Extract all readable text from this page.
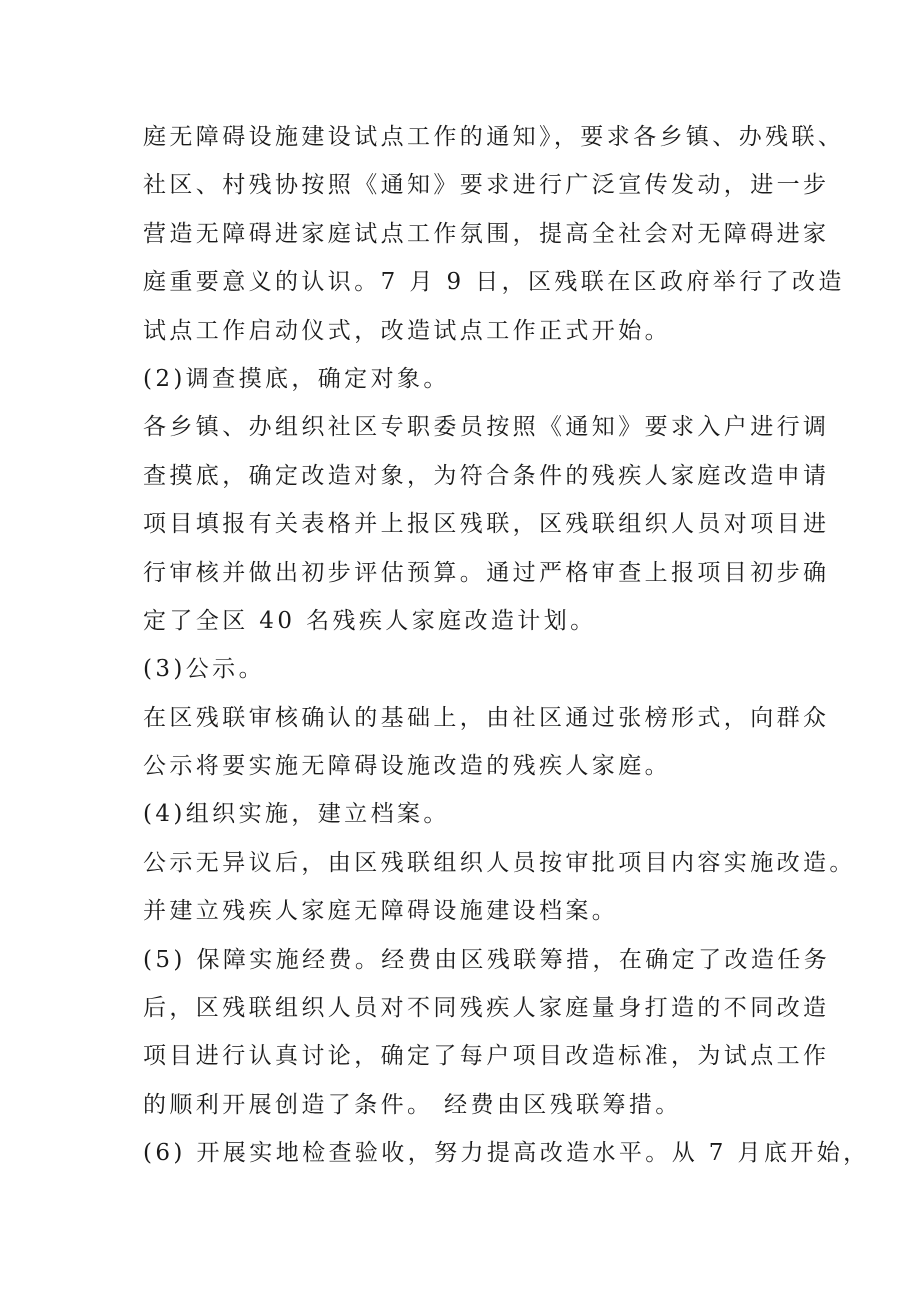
庭无障碍设施建设试点工作的通知》，要求各乡镇、办残联、
社区、村残协按照《通知》要求进行广泛宣传发动，进一步
营造无障碍进家庭试点工作氛围，提高全社会对无障碍进家
庭重要意义的认识。7 月 9 日，区残联在区政府举行了改造
试点工作启动仪式，改造试点工作正式开始。
(2)调查摸底，确定对象。
各乡镇、办组织社区专职委员按照《通知》要求入户进行调
查摸底，确定改造对象，为符合条件的残疾人家庭改造申请
项目填报有关表格并上报区残联，区残联组织人员对项目进
行审核并做出初步评估预算。通过严格审查上报项目初步确
定了全区 40 名残疾人家庭改造计划。
(3)公示。
在区残联审核确认的基础上，由社区通过张榜形式，向群众
公示将要实施无障碍设施改造的残疾人家庭。
(4)组织实施，建立档案。
公示无异议后，由区残联组织人员按审批项目内容实施改造。
并建立残疾人家庭无障碍设施建设档案。
(5) 保障实施经费。经费由区残联筹措，在确定了改造任务
后，区残联组织人员对不同残疾人家庭量身打造的不同改造
项目进行认真讨论，确定了每户项目改造标准，为试点工作
的顺利开展创造了条件。 经费由区残联筹措。
(6) 开展实地检查验收，努力提高改造水平。从 7 月底开始，
